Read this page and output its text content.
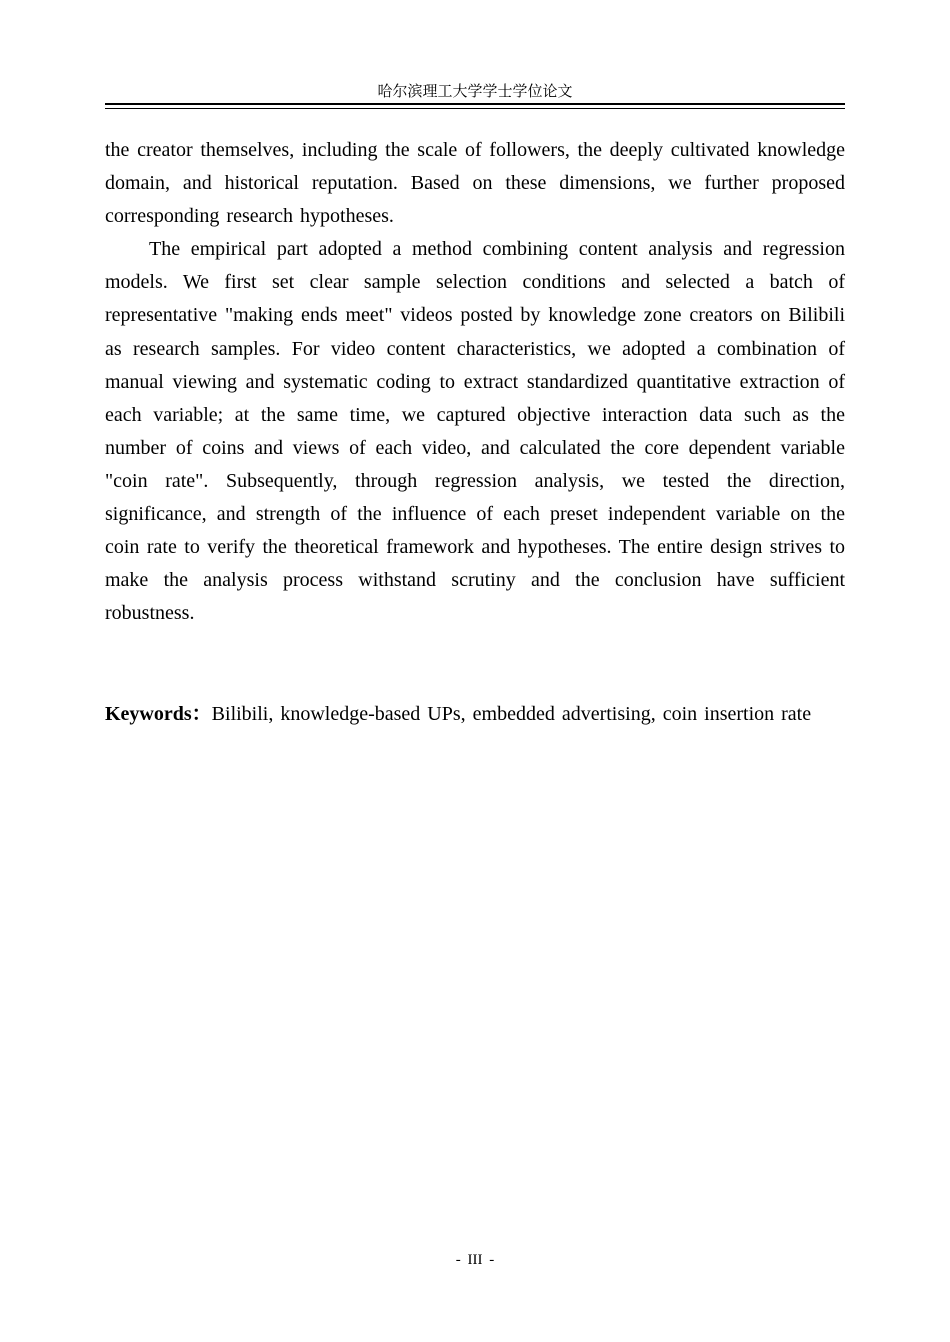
哈尔滨理工大学学士学位论文

the creator themselves, including the scale of followers, the deeply cultivated knowledge domain, and historical reputation. Based on these dimensions, we further proposed corresponding research hypotheses.

The empirical part adopted a method combining content analysis and regression models. We first set clear sample selection conditions and selected a batch of representative "making ends meet" videos posted by knowledge zone creators on Bilibili as research samples. For video content characteristics, we adopted a combination of manual viewing and systematic coding to extract standardized quantitative extraction of each variable; at the same time, we captured objective interaction data such as the number of coins and views of each video, and calculated the core dependent variable "coin rate". Subsequently, through regression analysis, we tested the direction, significance, and strength of the influence of each preset independent variable on the coin rate to verify the theoretical framework and hypotheses. The entire design strives to make the analysis process withstand scrutiny and the conclusion have sufficient robustness.

Keywords：Bilibili, knowledge-based UPs, embedded advertising, coin insertion rate
- III -
